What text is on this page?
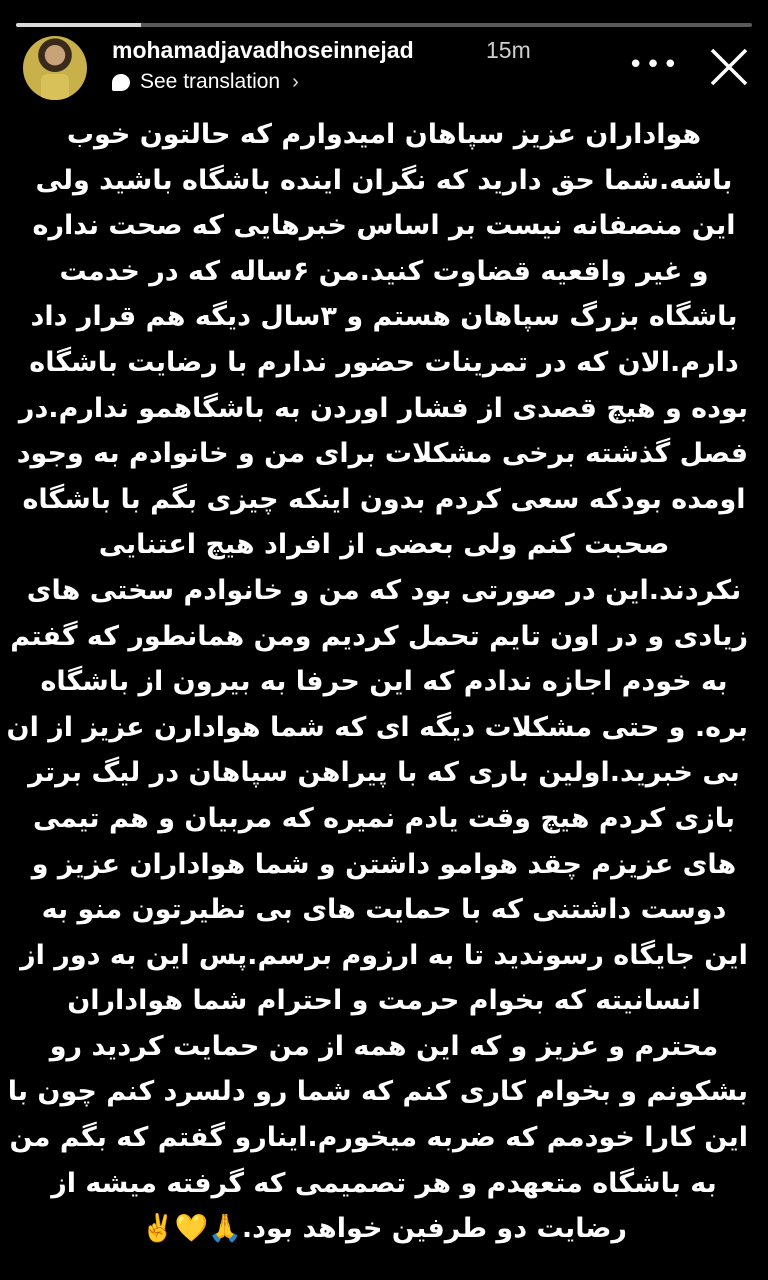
mohamadjavadhoseinnejad	15m
See translation ›
•••
هواداران عزیز سپاهان امیدوارم که حالتون خوب
باشه.شما حق دارید که نگران اینده باشگاه باشید ولی
این منصفانه نیست بر اساس خبرهایی که صحت نداره
و غیر واقعیه قضاوت کنید.من ۶ساله که در خدمت
باشگاه بزرگ سپاهان هستم و ۳سال دیگه هم قرار داد
دارم.الان که در تمرینات حضور ندارم با رضایت باشگاه
بوده و هیچ قصدی از فشار اوردن به باشگاهمو ندارم.در
فصل گذشته برخی مشکلات برای من و خانوادم به وجود
اومده بودکه سعی کردم بدون اینکه چیزی بگم با باشگاه
صحبت کنم ولی بعضی از افراد هیچ اعتنایی
نکردند.این در صورتی بود که من و خانوادم سختی های
زیادی و در اون تایم تحمل کردیم ومن همانطور که گفتم
به خودم اجازه ندادم که این حرفا به بیرون از باشگاه
بره. و حتی مشکلات دیگه ای که شما هوادارن عزیز از ان
بی خبرید.اولین باری که با پیراهن سپاهان در لیگ برتر
بازی کردم هیچ وقت یادم نمیره که مربیان و هم تیمی
های عزیزم چقد هوامو داشتن و شما هواداران عزیز و
دوست داشتنی که با حمایت های بی نظیرتون منو به
این جایگاه رسوندید تا به ارزوم برسم.پس این به دور از
انسانیته که بخوام حرمت و احترام شما هواداران
محترم و عزیز و که این همه از من حمایت کردید رو
بشکونم و بخوام کاری کنم که شما رو دلسرد کنم چون با
این کارا خودمم که ضربه میخورم.اینارو گفتم که بگم من
به باشگاه متعهدم و هر تصمیمی که گرفته میشه از
رضایت دو طرفین خواهد بود.🙏💛✌️
